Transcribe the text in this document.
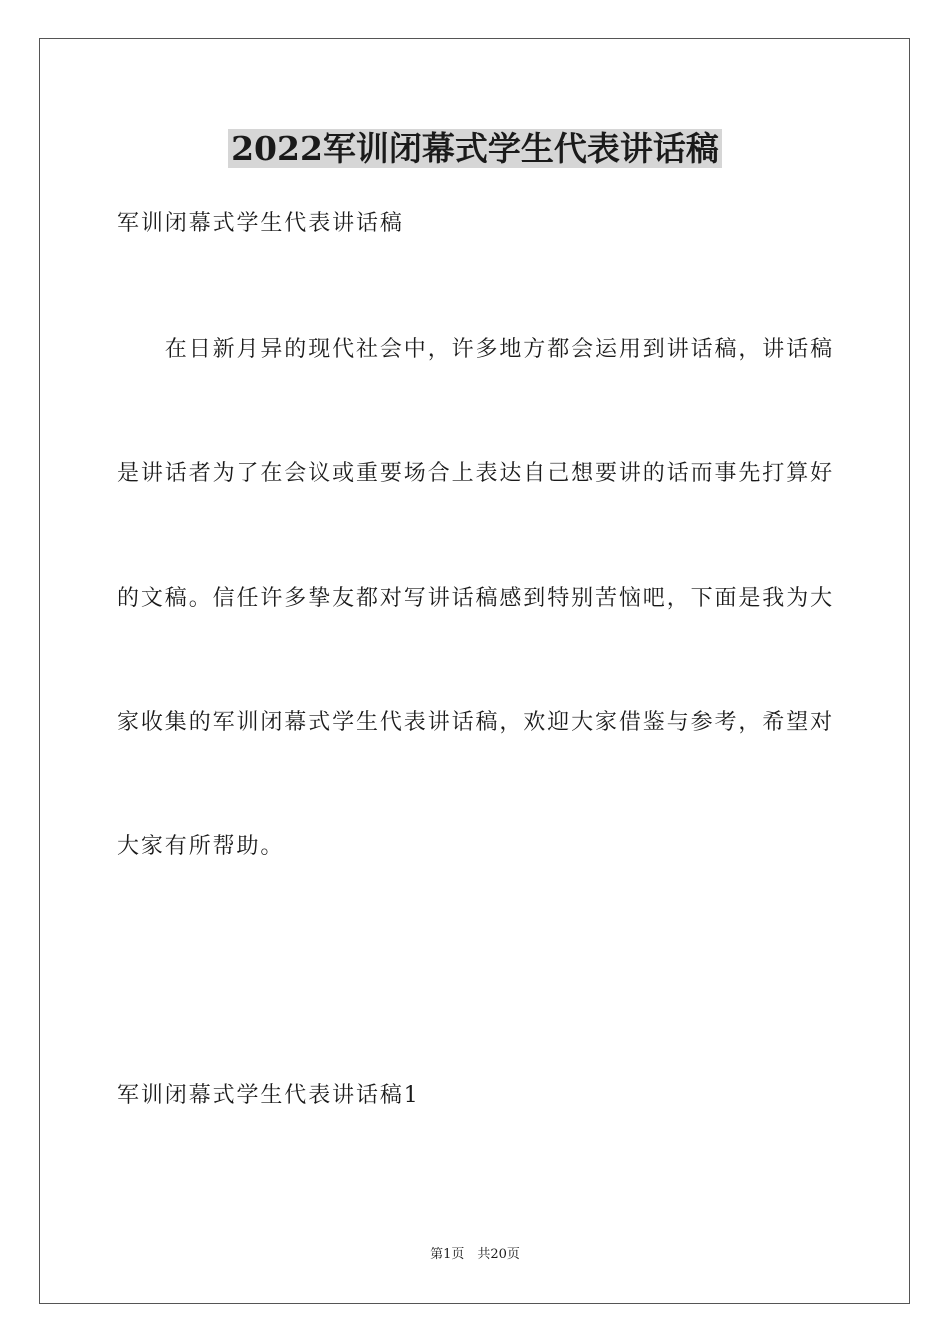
2022军训闭幕式学生代表讲话稿
军训闭幕式学生代表讲话稿
　　在日新月异的现代社会中，许多地方都会运用到讲话稿，讲话稿
是讲话者为了在会议或重要场合上表达自己想要讲的话而事先打算好
的文稿。信任许多挚友都对写讲话稿感到特别苦恼吧，下面是我为大
家收集的军训闭幕式学生代表讲话稿，欢迎大家借鉴与参考，希望对
大家有所帮助。
军训闭幕式学生代表讲话稿1
第1页　共20页
